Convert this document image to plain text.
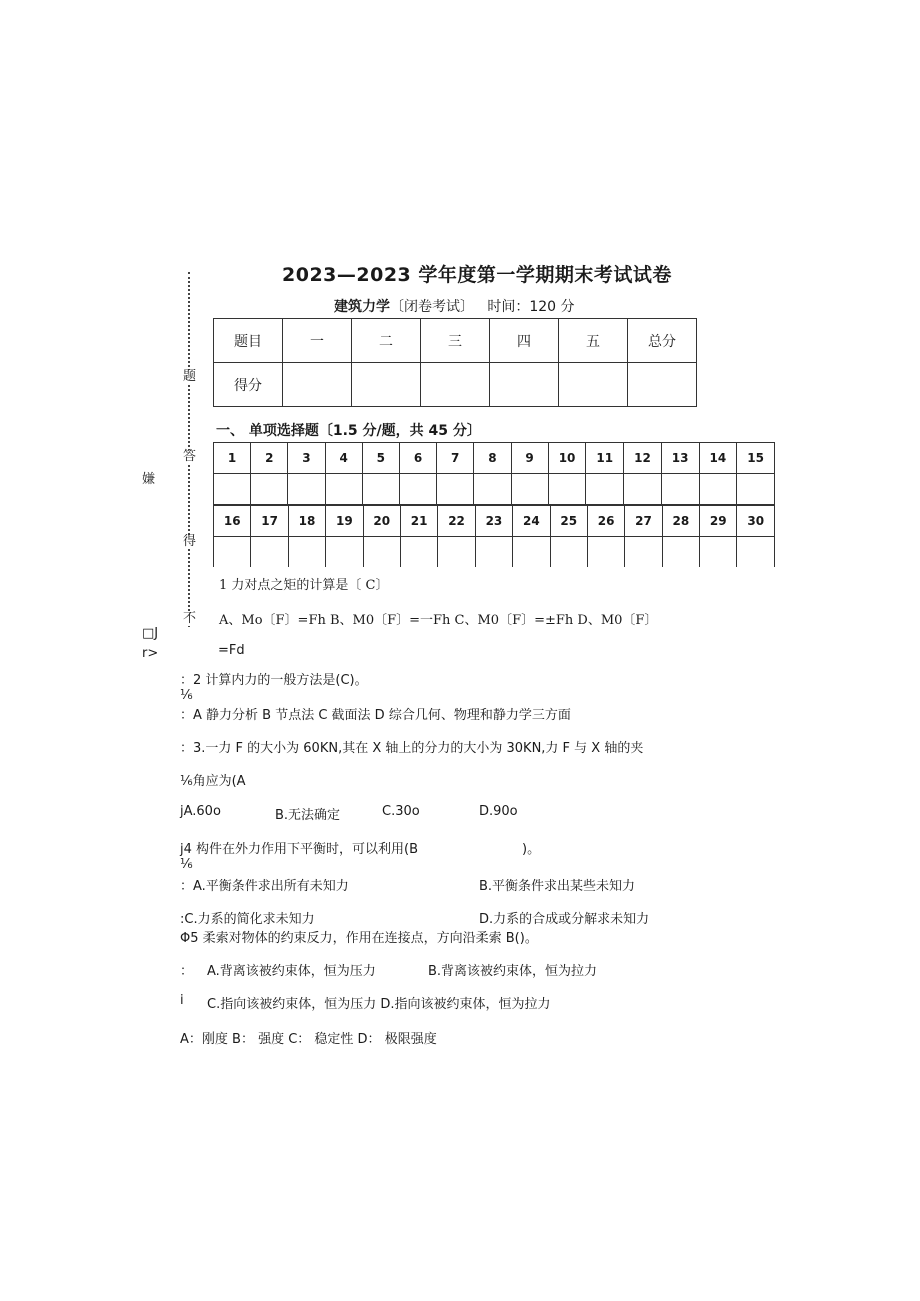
2023—2023 学年度第一学期期末考试试卷
建筑力学〔闭卷考试〕 时间：120 分
题目	一	二	三	四	五	总分
得分						
一、 单项选择题〔1.5 分/题，共 45 分〕
1	2	3	4	5	6	7	8	9	10	11	12	13	14	15

16	17	18	19	20	21	22	23	24	25	26	27	28	29	30

题
答
得
不
嫌
□J
r>
1 力对点之矩的计算是〔 C〕
A、Mo〔F〕=Fh B、M0〔F〕=一Fh C、M0〔F〕=±Fh D、M0〔F〕
=Fd
：2 计算内力的一般方法是(C)。
⅙
：A 静力分析 B 节点法 C 截面法 D 综合几何、物理和静力学三方面
：3.一力 F 的大小为 60KN,其在 X 轴上的分力的大小为 30KN,力 F 与 X 轴的夹
⅙角应为(A
jA.60o	B.无法确定	C.30o	D.90o
j4 构件在外力作用下平衡时，可以利用(B	)。
⅙
：A.平衡条件求出所有未知力	B.平衡条件求出某些未知力
:C.力系的简化求未知力	D.力系的合成或分解求未知力
Φ5 柔索对物体的约束反力，作用在连接点，方向沿柔索 B()。
： A.背离该被约束体，恒为压力	B.背离该被约束体，恒为拉力
i C.指向该被约束体，恒为压力 D.指向该被约束体，恒为拉力
A：刚度 B： 强度 C： 稳定性 D： 极限强度
